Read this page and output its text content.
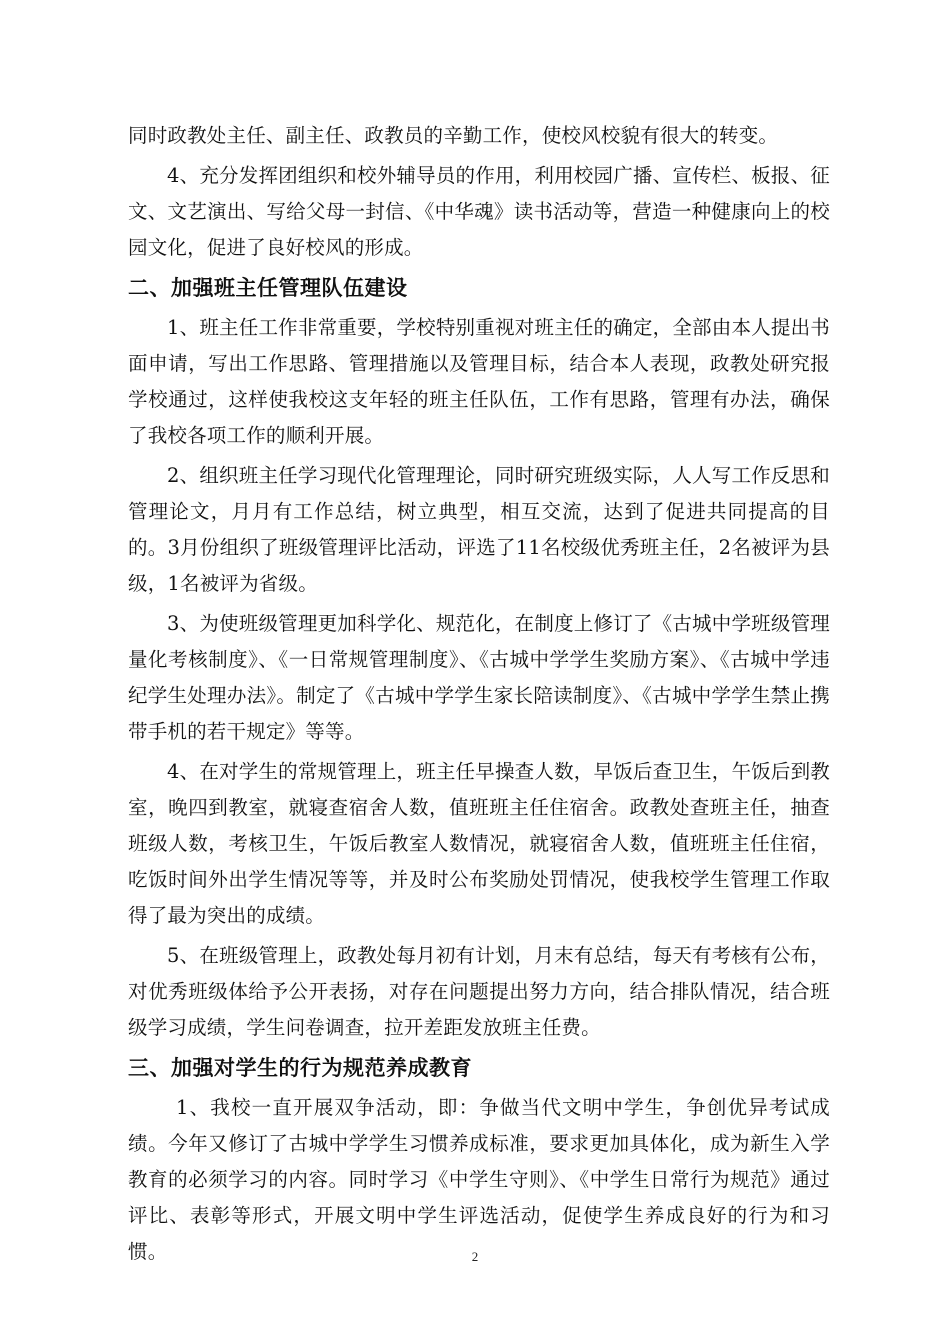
同时政教处主任、副主任、政教员的辛勤工作，使校风校貌有很大的转变。

4、充分发挥团组织和校外辅导员的作用，利用校园广播、宣传栏、板报、征文、文艺演出、写给父母一封信、《中华魂》读书活动等，营造一种健康向上的校园文化，促进了良好校风的形成。

二、加强班主任管理队伍建设

1、班主任工作非常重要，学校特别重视对班主任的确定，全部由本人提出书面申请，写出工作思路、管理措施以及管理目标，结合本人表现，政教处研究报学校通过，这样使我校这支年轻的班主任队伍，工作有思路，管理有办法，确保了我校各项工作的顺利开展。

2、组织班主任学习现代化管理理论，同时研究班级实际，人人写工作反思和管理论文，月月有工作总结，树立典型，相互交流，达到了促进共同提高的目的。3月份组织了班级管理评比活动，评选了11名校级优秀班主任，2名被评为县级，1名被评为省级。

3、为使班级管理更加科学化、规范化，在制度上修订了《古城中学班级管理量化考核制度》、《一日常规管理制度》、《古城中学学生奖励方案》、《古城中学违纪学生处理办法》。制定了《古城中学学生家长陪读制度》、《古城中学学生禁止携带手机的若干规定》等等。

4、在对学生的常规管理上，班主任早操查人数，早饭后查卫生，午饭后到教室，晚四到教室，就寝查宿舍人数，值班班主任住宿舍。政教处查班主任，抽查班级人数，考核卫生，午饭后教室人数情况，就寝宿舍人数，值班班主任住宿，吃饭时间外出学生情况等等，并及时公布奖励处罚情况，使我校学生管理工作取得了最为突出的成绩。

5、在班级管理上，政教处每月初有计划，月末有总结，每天有考核有公布，对优秀班级体给予公开表扬，对存在问题提出努力方向，结合排队情况，结合班级学习成绩，学生问卷调查，拉开差距发放班主任费。

三、加强对学生的行为规范养成教育

1、我校一直开展双争活动，即：争做当代文明中学生，争创优异考试成绩。今年又修订了古城中学学生习惯养成标准，要求更加具体化，成为新生入学教育的必须学习的内容。同时学习《中学生守则》、《中学生日常行为规范》通过评比、表彰等形式，开展文明中学生评选活动，促使学生养成良好的行为和习惯。	2
